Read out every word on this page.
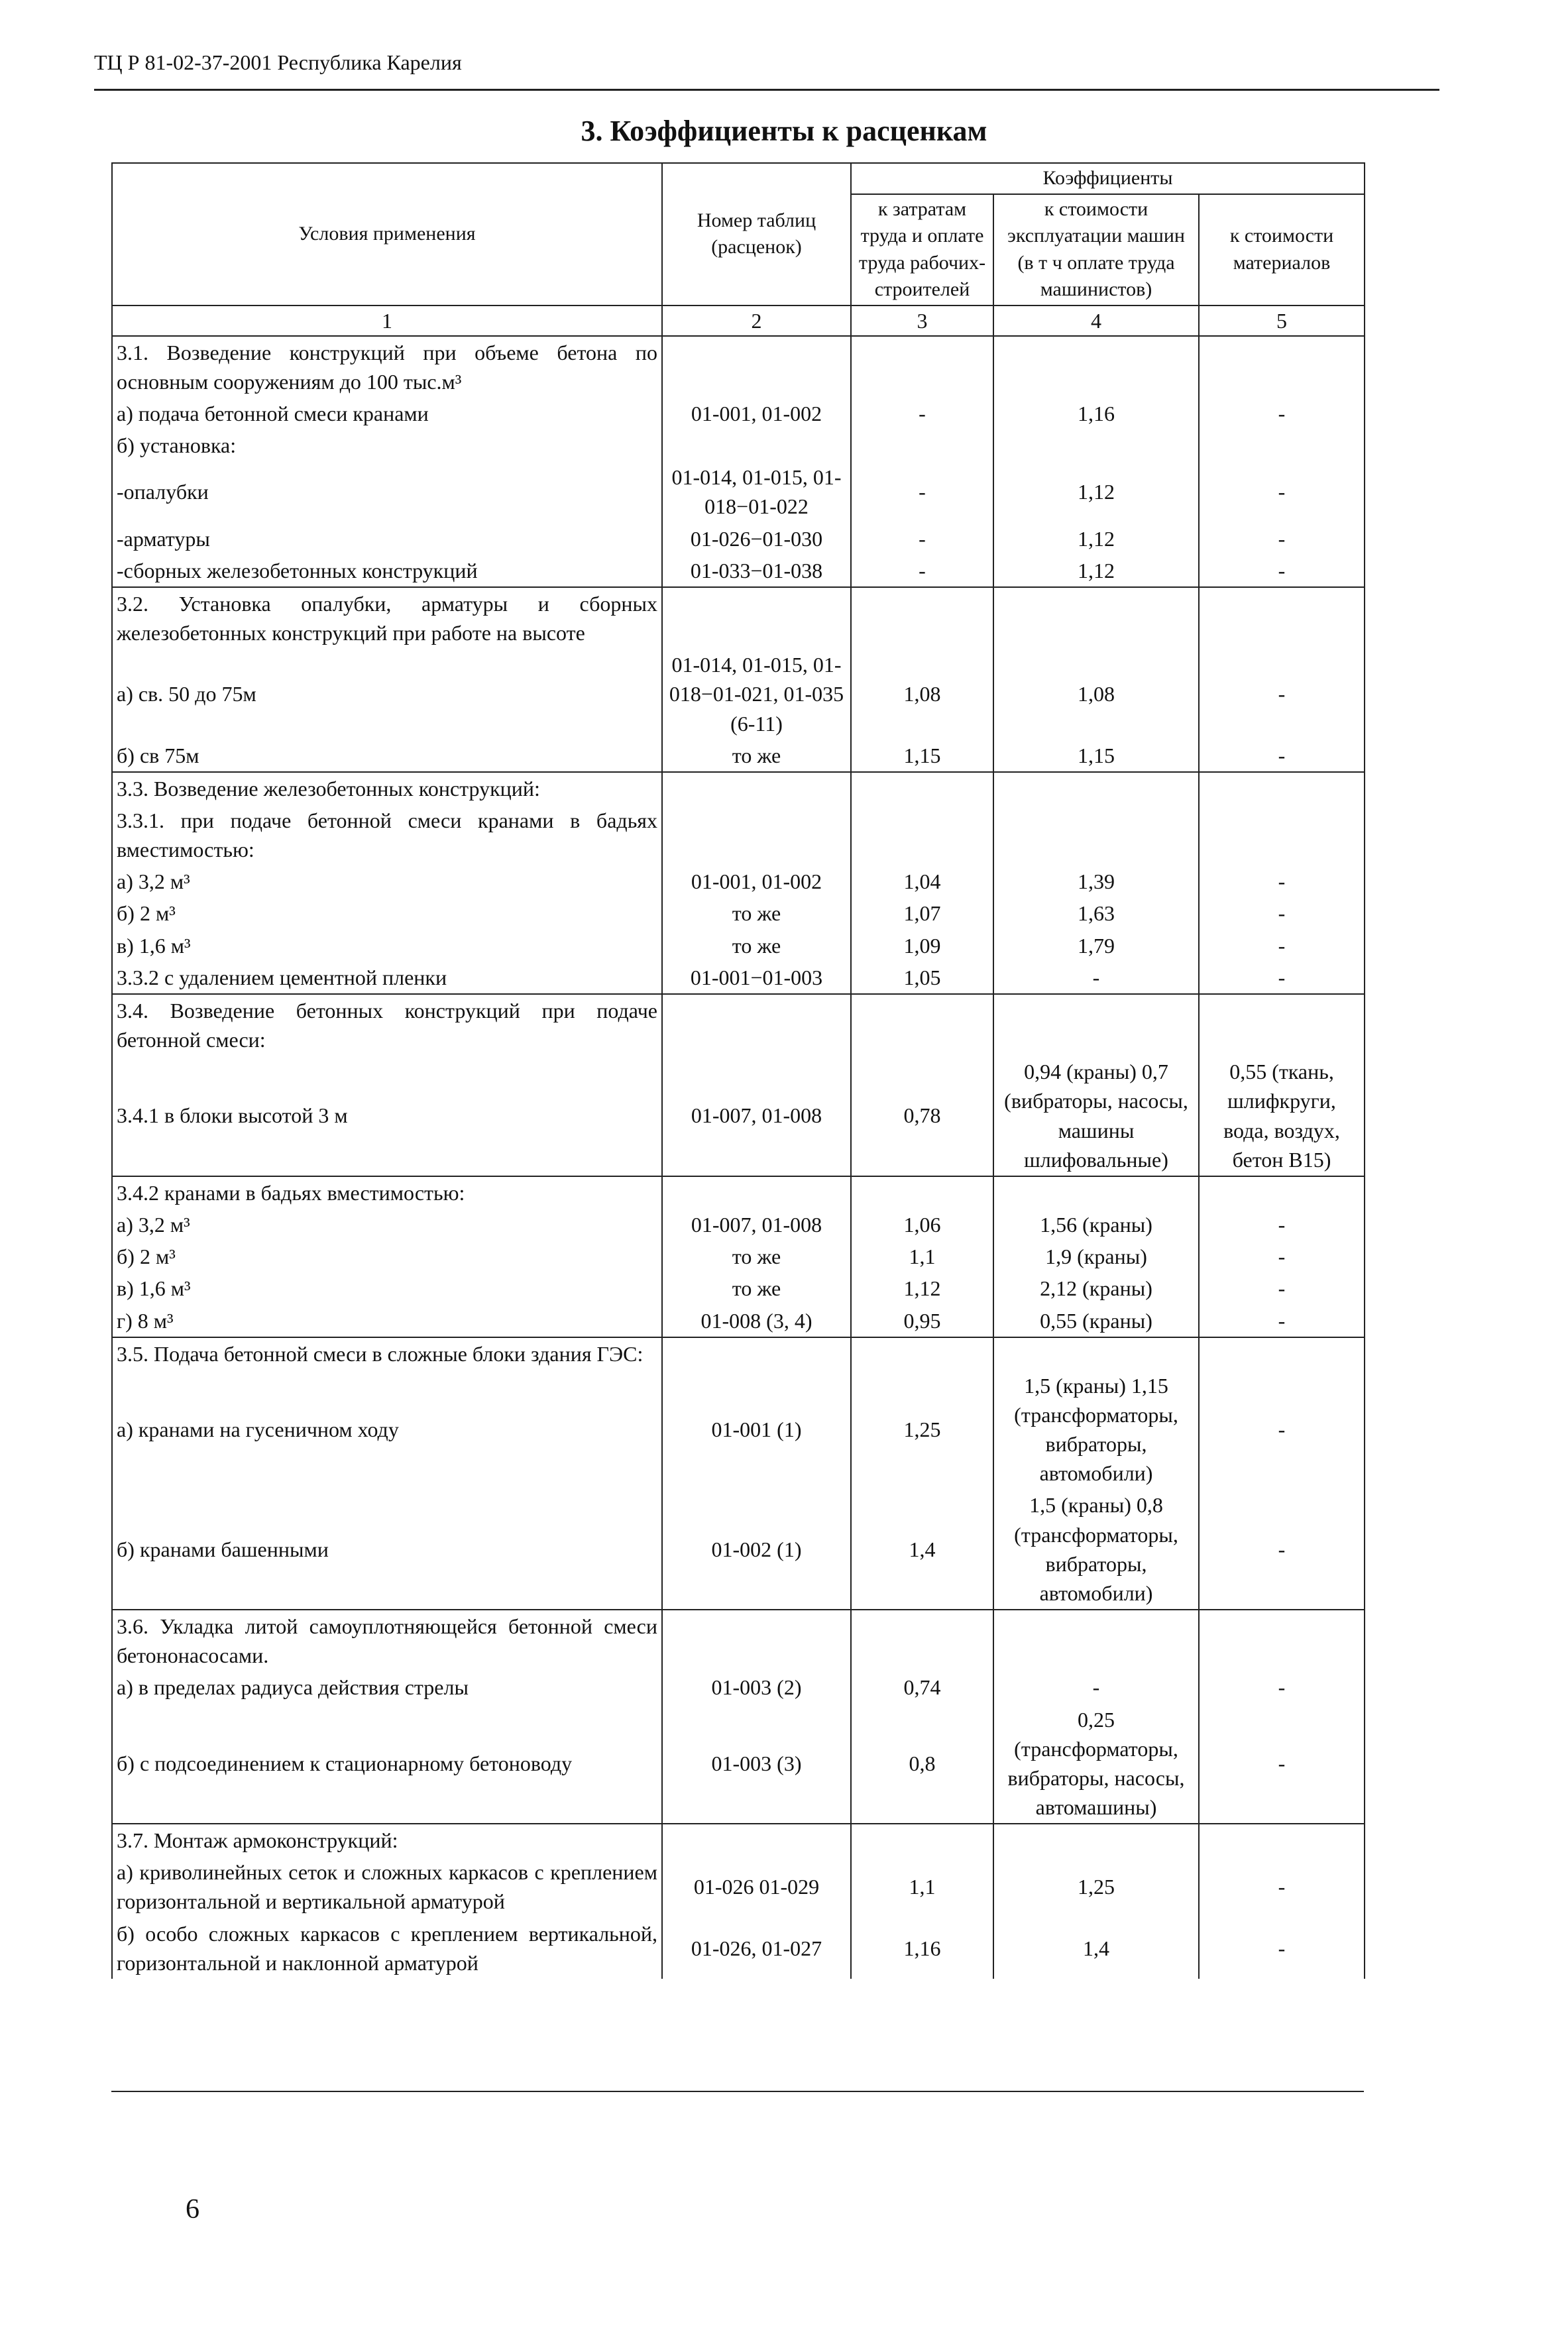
ТЦ Р 81-02-37-2001 Республика Карелия
3. Коэффициенты к расценкам
Условия применения	Номер таблиц (расценок)	Коэффициенты		
		к затратам труда и оплате труда рабочих-строителей	к стоимости эксплуатации машин (в т ч оплате труда машинистов)	к стоимости материалов
1	2	3	4	5
3.1. Возведение конструкций при объеме бетона по основным сооружениям до 100 тыс.м³				
а) подача бетонной смеси кранами	01-001, 01-002	-	1,16	-
б) установка:				
-опалубки	01-014, 01-015, 01-018−01-022	-	1,12	-
-арматуры	01-026−01-030	-	1,12	-
-сборных железобетонных конструкций	01-033−01-038	-	1,12	-
3.2. Установка опалубки, арматуры и сборных железобетонных конструкций при работе на высоте				
а) св. 50 до 75м	01-014, 01-015, 01-018−01-021, 01-035 (6-11)	1,08	1,08	-
б) св 75м	то же	1,15	1,15	-
3.3. Возведение железобетонных конструкций:				
3.3.1. при подаче бетонной смеси кранами в бадьях вместимостью:				
а) 3,2 м³	01-001, 01-002	1,04	1,39	-
б) 2 м³	то же	1,07	1,63	-
в) 1,6 м³	то же	1,09	1,79	-
3.3.2 с удалением цементной пленки	01-001−01-003	1,05	-	-
3.4. Возведение бетонных конструкций при подаче бетонной смеси:				
3.4.1 в блоки высотой 3 м	01-007, 01-008	0,78	0,94 (краны) 0,7 (вибраторы, насосы, машины шлифовальные)	0,55 (ткань, шлифкруги, вода, воздух, бетон В15)
3.4.2 кранами в бадьях вместимостью:				
а) 3,2 м³	01-007, 01-008	1,06	1,56 (краны)	-
б) 2 м³	то же	1,1	1,9 (краны)	-
в) 1,6 м³	то же	1,12	2,12 (краны)	-
г) 8 м³	01-008 (3, 4)	0,95	0,55 (краны)	-
3.5. Подача бетонной смеси в сложные блоки здания ГЭС:				
а) кранами на гусеничном ходу	01-001 (1)	1,25	1,5 (краны) 1,15 (трансформаторы, вибраторы, автомобили)	-
б) кранами башенными	01-002 (1)	1,4	1,5 (краны) 0,8 (трансформаторы, вибраторы, автомобили)	-
3.6. Укладка литой самоуплотняющейся бетонной смеси бетононасосами.				
а) в пределах радиуса действия стрелы	01-003 (2)	0,74	-	-
б) с подсоединением к стационарному бетоноводу	01-003 (3)	0,8	0,25 (трансформаторы, вибраторы, насосы, автомашины)	-
3.7. Монтаж армоконструкций:				
а) криволинейных сеток и сложных каркасов с креплением горизонтальной и вертикальной арматурой	01-026 01-029	1,1	1,25	-
б) особо сложных каркасов с креплением вертикальной, горизонтальной и наклонной арматурой	01-026, 01-027	1,16	1,4	-
6
